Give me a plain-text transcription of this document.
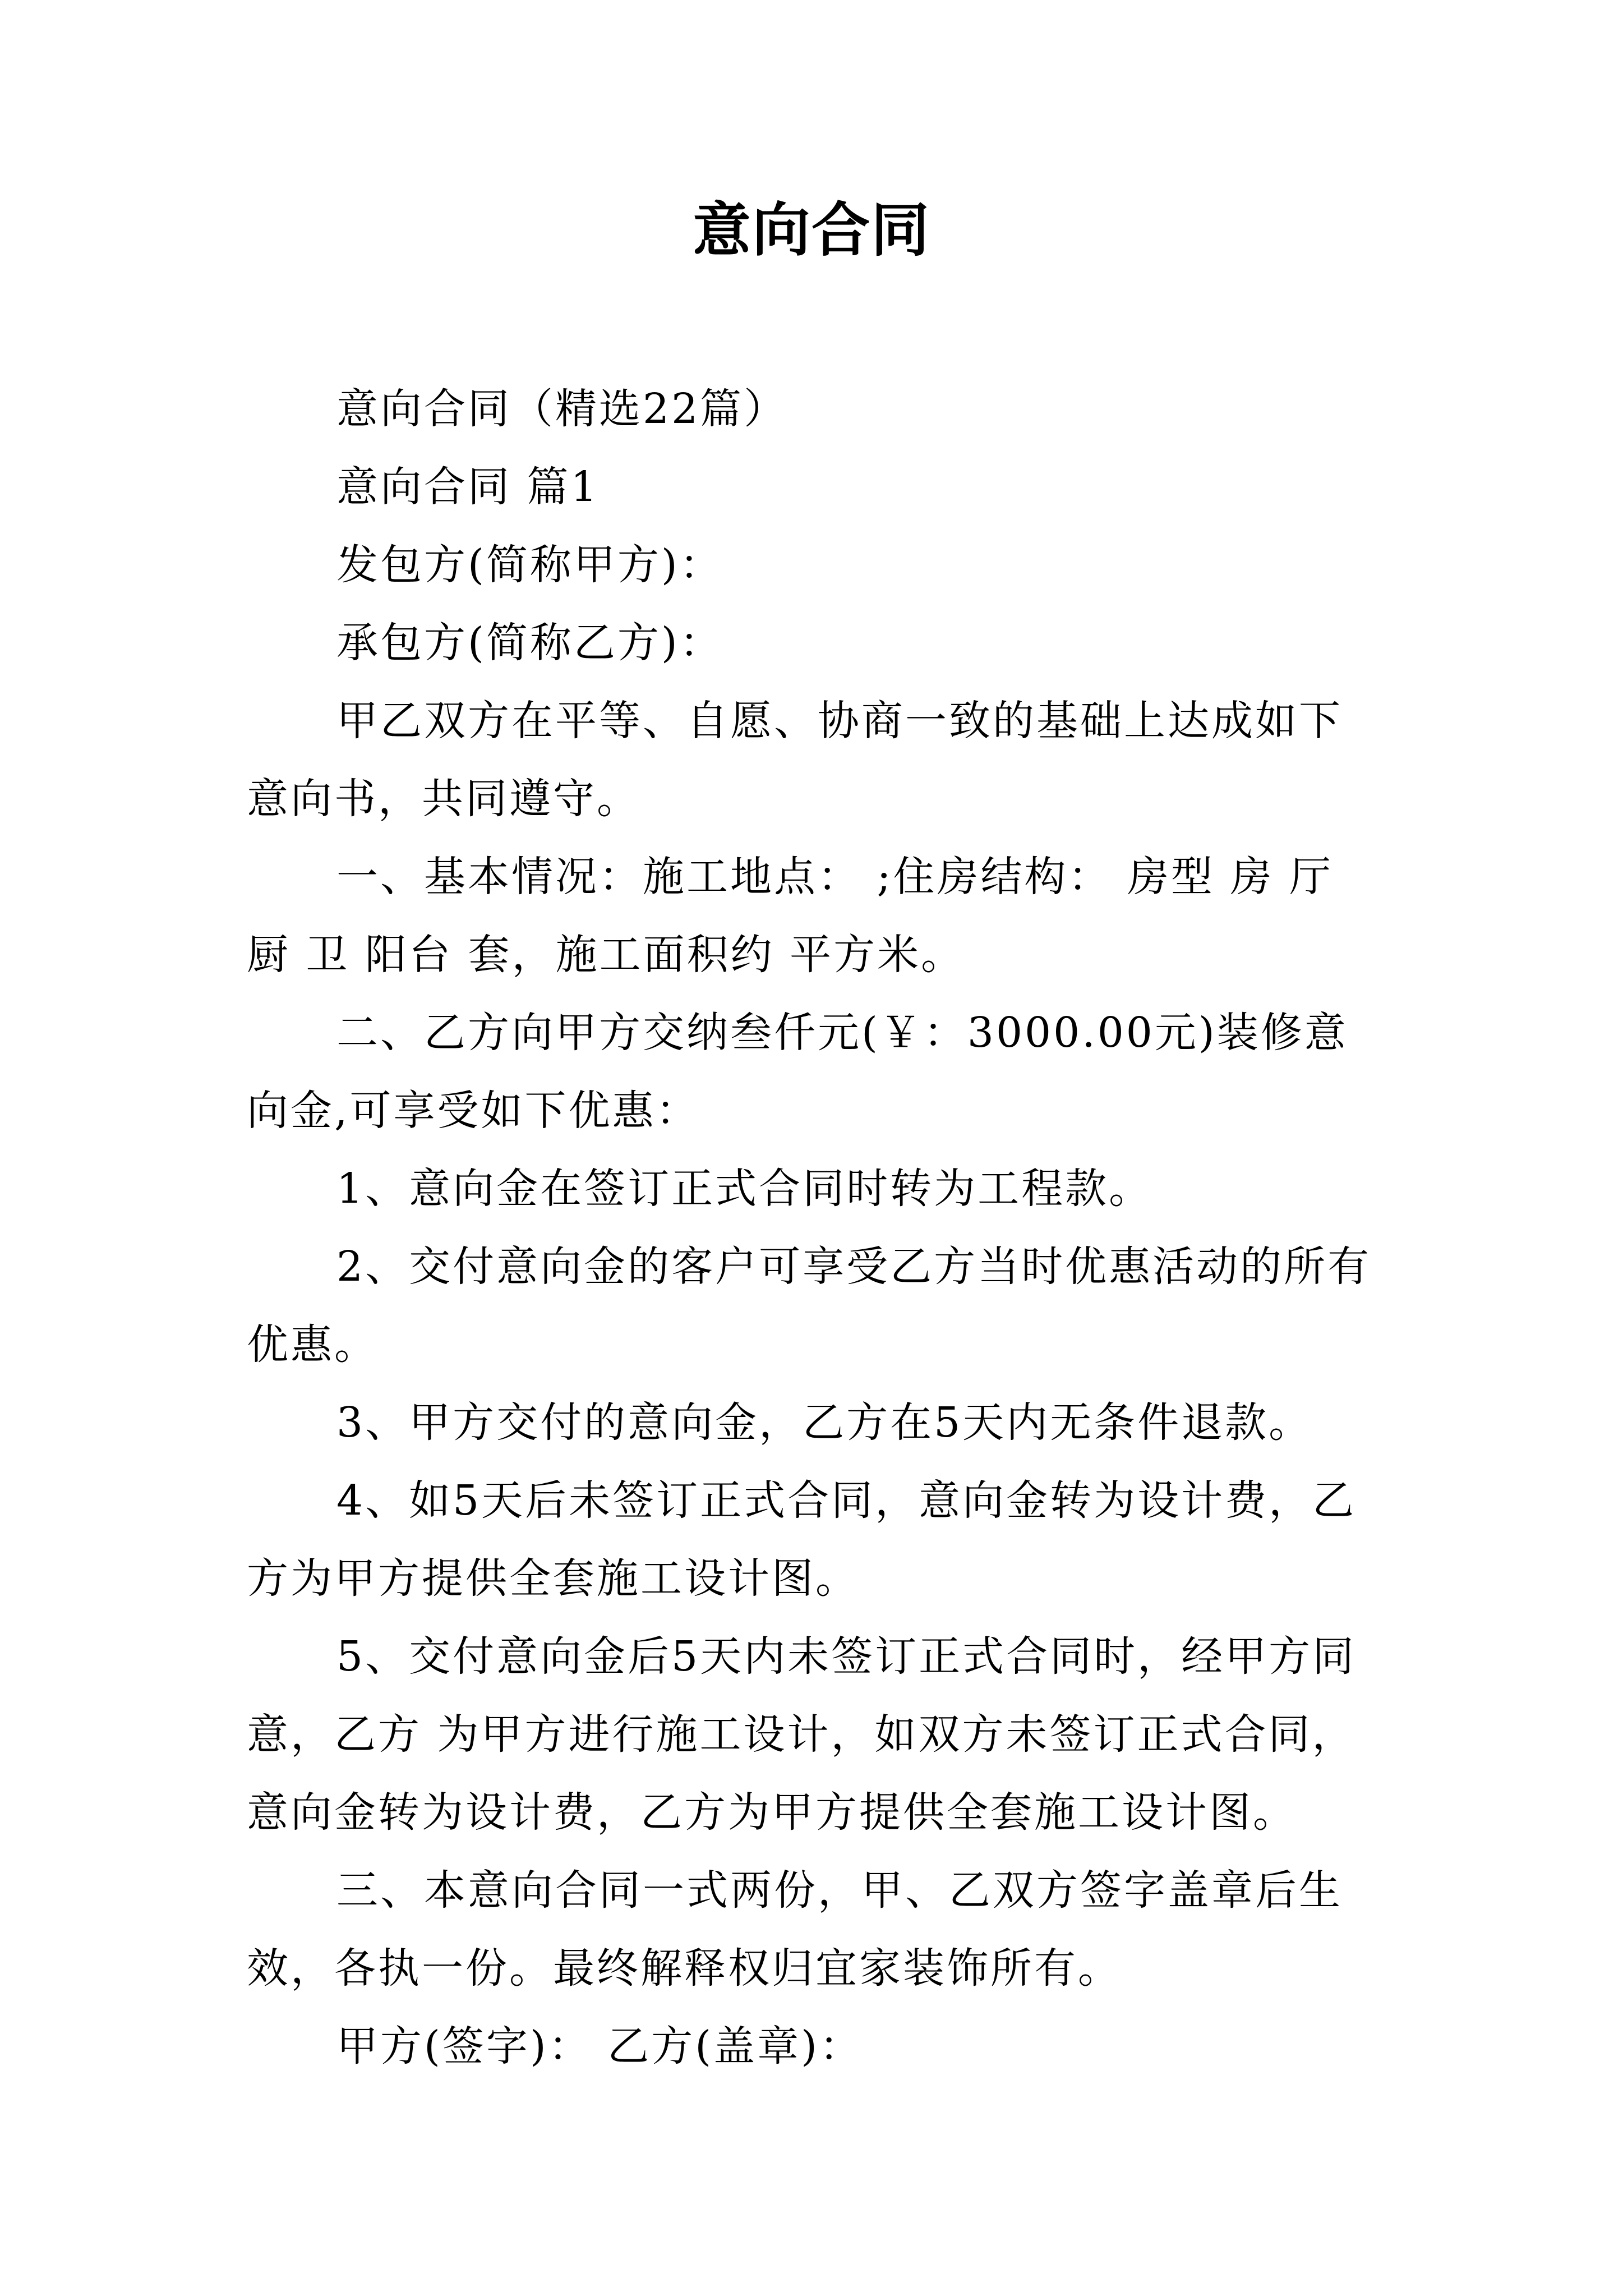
意向合同

意向合同（精选22篇）

意向合同 篇1

发包方(简称甲方)：

承包方(简称乙方)：

甲乙双方在平等、自愿、协商一致的基础上达成如下意向书，共同遵守。

一、基本情况：施工地点： ;住房结构： 房型 房 厅 厨 卫 阳台 套，施工面积约 平方米。

二、乙方向甲方交纳叁仟元(￥：3000.00元)装修意向金,可享受如下优惠：

1、意向金在签订正式合同时转为工程款。

2、交付意向金的客户可享受乙方当时优惠活动的所有优惠。

3、甲方交付的意向金，乙方在5天内无条件退款。

4、如5天后未签订正式合同，意向金转为设计费，乙方为甲方提供全套施工设计图。

5、交付意向金后5天内未签订正式合同时，经甲方同意，乙方 为甲方进行施工设计，如双方未签订正式合同，意向金转为设计费，乙方为甲方提供全套施工设计图。

三、本意向合同一式两份，甲、乙双方签字盖章后生效，各执一份。最终解释权归宜家装饰所有。

甲方(签字)： 乙方(盖章)：
